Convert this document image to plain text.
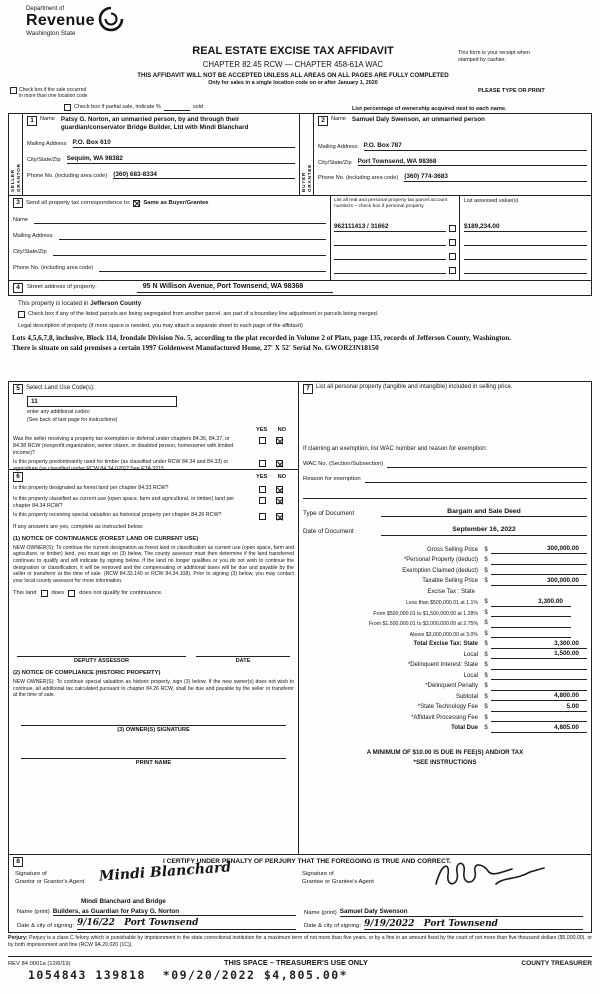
Department of
Revenue
Washington State
REAL ESTATE EXCISE TAX AFFIDAVIT
CHAPTER 82.45 RCW — CHAPTER 458-61A WAC
THIS AFFIDAVIT WILL NOT BE ACCEPTED UNLESS ALL AREAS ON ALL PAGES ARE FULLY COMPLETED
Only for sales in a single location code on or after January 1, 2020
This form is your receipt when stamped by cashier.
PLEASE TYPE OR PRINT
Check box if the sale occurred
in more than one location code
Check box if partial sale, indicate %	sold	List percentage of ownership acquired next to each name.
SELLER GRANTOR
1	Name Patsy G. Norton, an unmarried person, by and through their guardian/conservator Bridge Builder, Ltd with Mindi Blanchard
Mailing Address P.O. Box 610
City/State/Zip Sequim, WA 98382
Phone No. (including area code) (360) 683-8334	BUYER GRANTEE
2	Name Samuel Daly Swenson, an unmarried person
Mailing Address P.O. Box 787
City/State/Zip Port Townsend, WA 98368
Phone No. (including area code) (360) 774-3683
3	Send all property tax correspondence to: Same as Buyer/Grantee
Name
Mailing Address
City/State/Zip
Phone No. (including area code)
List all real and personal property tax parcel account numbers – check box if personal property
962111413 / 31662
List assessed value(s)
$189,234.00
4	Street address of property:	95 N Willison Avenue, Port Townsend, WA 98368
This property is located in Jefferson County
Check box if any of the listed parcels are being segregated from another parcel, are part of a boundary line adjustment or parcels being merged.
Legal description of property (if more space is needed, you may attach a separate sheet to each page of the affidavit)
Lots 4,5,6,7,8, inclusive, Block 114, Irondale Division No. 5, according to the plat recorded in Volume 2 of Plats, page 135, records of Jefferson County, Washington.
There is situate on said premises a certain 1997 Goldenwest Manufactured Home, 27' X 52' Serial No. GWOR23N18150
5	Select Land Use Code(s):
11
enter any additional codes:
(See back of last page for instructions)
YES NO
Was the seller receiving a property tax exemption or deferral under chapters 84.36, 84.37, or 84.38 RCW (nonprofit organization, senior citizen, or disabled person, homeowner with limited income)?
Is this property predominantly used for timber (as classified under RCW 84.34 and 84.33) or agriculture (as classified under RCW 84.34.020)? See ETA 3215
6	YES NO
Is this property designated as forest land per chapter 84.33 RCW?
Is this property classified as current use (open space, farm and agricultural, or timber) land per chapter 84.34 RCW?
Is this property receiving special valuation as historical property per chapter 84.26 RCW?
If any answers are yes, complete as instructed below.
(1) NOTICE OF CONTINUANCE (FOREST LAND OR CURRENT USE)
NEW OWNER(S): To continue the current designation as forest land or classification as current use (open space, farm and agriculture, or timber) land, you must sign on (3) below. The county assessor must then determine if the land transferred continues to qualify and will indicate by signing below. If the land no longer qualifies or you do not wish to continue the designation or classification, it will be removed and the compensating or additional taxes will be due and payable by the seller or transferor at the time of sale. (RCW 84.33.140 or RCW 84.34.108). Prior to signing (3) below, you may contact your local county assessor for more information.
This land	does	does not qualify for continuance.
DEPUTY ASSESSOR	DATE
(2) NOTICE OF COMPLIANCE (HISTORIC PROPERTY)
NEW OWNER(S): To continue special valuation as historic property, sign (3) below. If the new owner(s) does not wish to continue, all additional tax calculated pursuant to chapter 84.26 RCW, shall be due and payable by the seller or transferor at the time of sale.
(3) OWNER(S) SIGNATURE
PRINT NAME
7	List all personal property (tangible and intangible) included in selling price.
If claiming an exemption, list WAC number and reason for exemption:
WAC No. (Section/Subsection)
Reason for exemption
Type of Document	Bargain and Sale Deed
Date of Document	September 16, 2022
Gross Selling Price	$	300,000.00
*Personal Property (deduct)	$
Exemption Claimed (deduct)	$
Taxable Selling Price	$	300,000.00
Excise Tax : State
Less than $500,000.01 at 1.1%	$	3,300.00
From $500,000.01 to $1,500,000.00 at 1.28%	$
From $1,500,000.01 to $3,000,000.00 at 2.75%	$
Above $3,000,000.00 at 3.0%	$
Total Excise Tax: State	$	3,300.00
Local	$	1,500.00
*Delinquent Interest: State	$
Local	$
*Delinquent Penalty	$
Subtotal	$	4,800.00
*State Technology Fee	$	5.00
*Affidavit Processing Fee	$
Total Due	$	4,805.00
A MINIMUM OF $10.00 IS DUE IN FEE(S) AND/OR TAX
*SEE INSTRUCTIONS
8	I CERTIFY UNDER PENALTY OF PERJURY THAT THE FOREGOING IS TRUE AND CORRECT.
Signature of
Grantor or Grantor's Agent	Mindi Blanchard	Signature of
Grantee or Grantee's Agent
Mindi Blanchard and Bridge
Name (print) Builders, as Guardian for Patsy G. Norton
Date & city of signing: 9/16/22   Port Townsend
Name (print) Samuel Daly Swenson
Date & city of signing: 9/19/2022   Port Townsend
Perjury: Perjury is a class C felony which is punishable by imprisonment in the state correctional institution for a maximum term of not more than five years, or by a fine in an amount fixed by the court of not more than five thousand dollars ($5,000.00), or by both imprisonment and fine (RCW 9A.20.020 (1C)).
REV 84 0001a (12/6/19)	THIS SPACE – TREASURER'S USE ONLY	COUNTY TREASURER
1054843 139818  *09/20/2022 $4,805.00*
